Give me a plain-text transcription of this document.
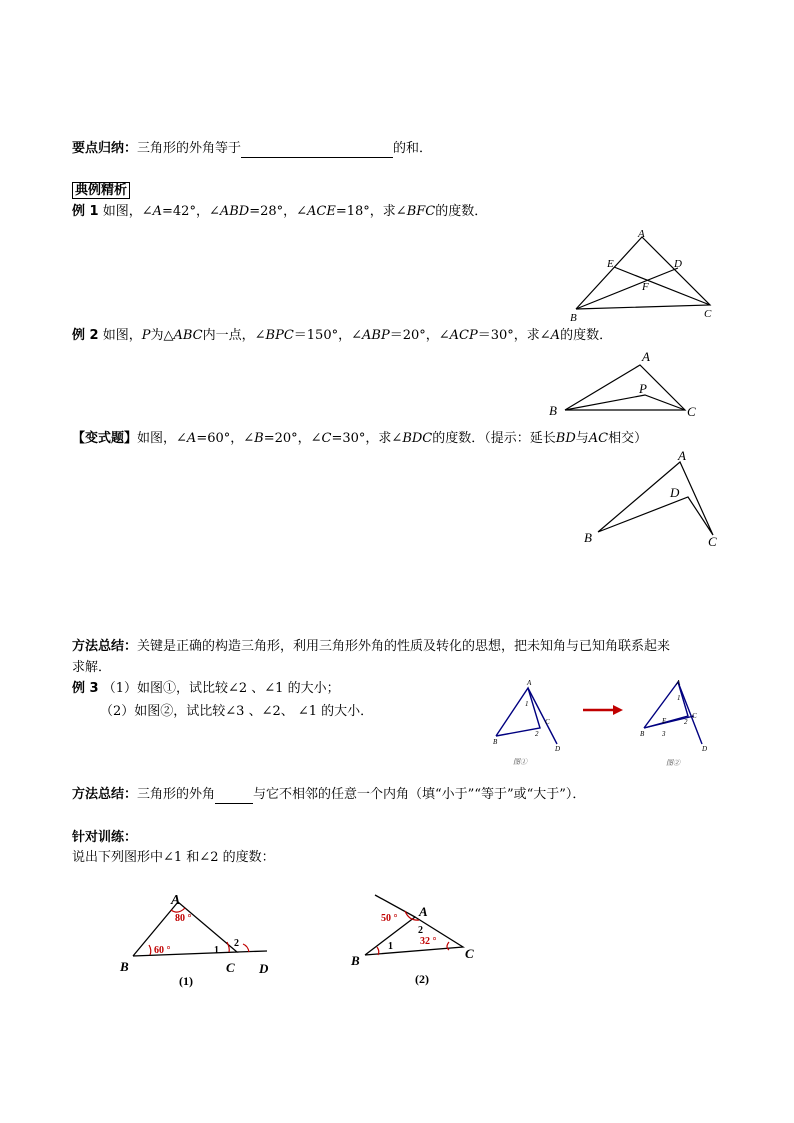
要点归纳：三角形的外角等于	的和．
典例精析
例 1 如图，∠A=42°，∠ABD=28°，∠ACE=18°，求∠BFC的度数．
A
E	D
F
B	C
例 2 如图，P为△ABC内一点，∠BPC＝150°，∠ABP＝20°，∠ACP＝30°，求∠A的度数．
A
P
B	C
【变式题】如图，∠A=60°，∠B=20°，∠C=30°，求∠BDC的度数．（提示：延长BD与AC相交）
A
D
B	C
方法总结：关键是正确的构造三角形，利用三角形外角的性质及转化的思想，把未知角与已知角联系起来
求解．
例 3 （1）如图①，试比较∠2 、∠1 的大小；
（2）如图②，试比较∠3 、∠2、 ∠1 的大小．
A
1
C
2
B
D
图①
A
1
C
2
E
3
B
D
图②
方法总结：三角形的外角	与它不相邻的任意一个内角（填“小于”“等于”或“大于”）．
针对训练：
说出下列图形中∠1 和∠2 的度数：
A
80 °
60 °	1
2
B	C D
(1)
A
50 °
2
32 °
1
B	C
(2)
